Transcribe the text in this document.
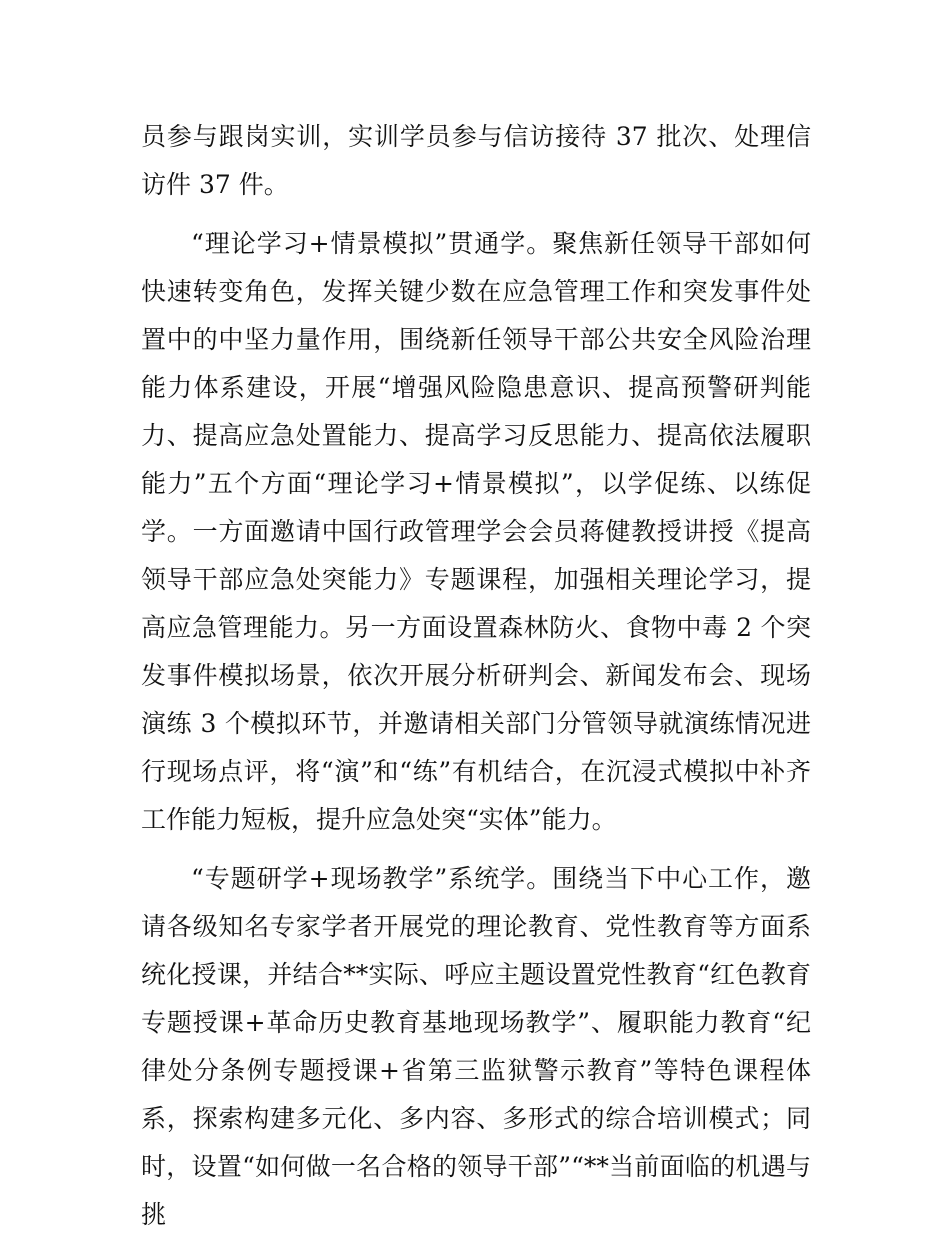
员参与跟岗实训，实训学员参与信访接待 37 批次、处理信访件 37 件。

“理论学习+情景模拟”贯通学。聚焦新任领导干部如何快速转变角色，发挥关键少数在应急管理工作和突发事件处置中的中坚力量作用，围绕新任领导干部公共安全风险治理能力体系建设，开展“增强风险隐患意识、提高预警研判能力、提高应急处置能力、提高学习反思能力、提高依法履职能力”五个方面“理论学习+情景模拟”，以学促练、以练促学。一方面邀请中国行政管理学会会员蒋健教授讲授《提高领导干部应急处突能力》专题课程，加强相关理论学习，提高应急管理能力。另一方面设置森林防火、食物中毒 2 个突发事件模拟场景，依次开展分析研判会、新闻发布会、现场演练 3 个模拟环节，并邀请相关部门分管领导就演练情况进行现场点评，将“演”和“练”有机结合，在沉浸式模拟中补齐工作能力短板，提升应急处突“实体”能力。

“专题研学+现场教学”系统学。围绕当下中心工作，邀请各级知名专家学者开展党的理论教育、党性教育等方面系统化授课，并结合**实际、呼应主题设置党性教育“红色教育专题授课+革命历史教育基地现场教学”、履职能力教育“纪律处分条例专题授课+省第三监狱警示教育”等特色课程体系，探索构建多元化、多内容、多形式的综合培训模式；同时，设置“如何做一名合格的领导干部”“**当前面临的机遇与挑
